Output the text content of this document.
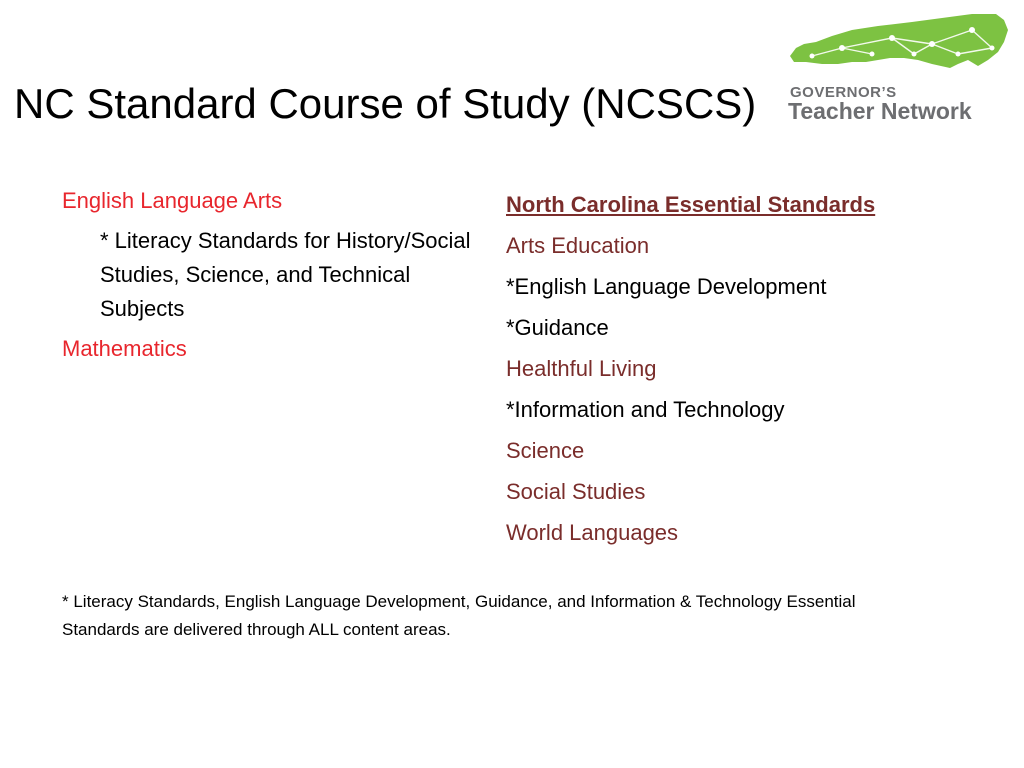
NC Standard Course of Study (NCSCS) GOVERNOR’S
Teacher Network
English Language Arts
* Literacy Standards for History/Social Studies, Science, and Technical Subjects
Mathematics
North Carolina Essential Standards
Arts Education
*English Language Development
*Guidance
Healthful Living
*Information and Technology
Science
Social Studies
World Languages
* Literacy Standards, English Language Development, Guidance, and Information & Technology Essential Standards are delivered through ALL content areas.
